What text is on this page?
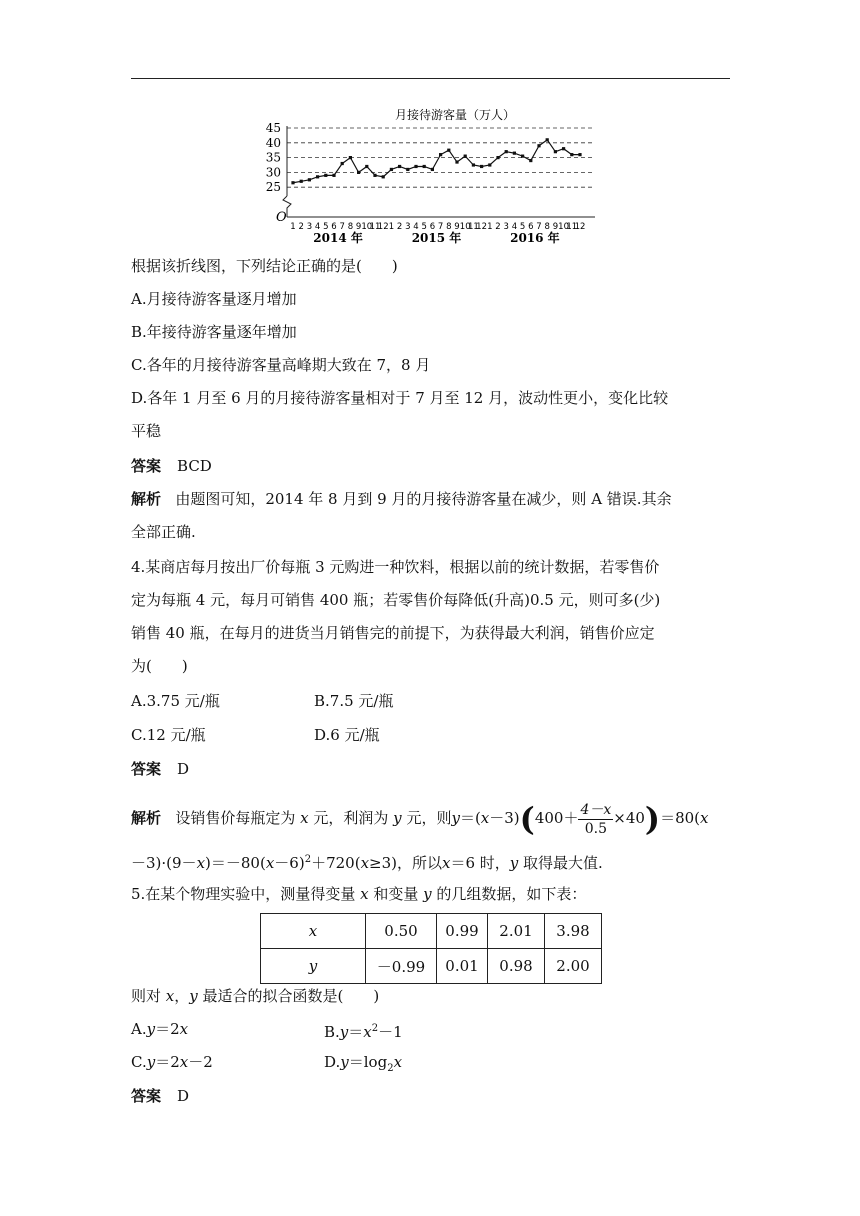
月接待游客量（万人）
25
30
35
40
45
O
1 2 3 4 5 6 7 8 9 10
11
12 1 2 3 4 5 6 7 8 9 10
11
12 1 2 3 4 5 6 7 8 9 10
11
12
2014 年	2015 年	2016 年
根据该折线图，下列结论正确的是(　　)
A.月接待游客量逐月增加
B.年接待游客量逐年增加
C.各年的月接待游客量高峰期大致在 7，8 月
D.各年 1 月至 6 月的月接待游客量相对于 7 月至 12 月，波动性更小，变化比较
平稳
答案 BCD
解析 由题图可知，2014 年 8 月到 9 月的月接待游客量在减少，则 A 错误.其余
全部正确.
4.某商店每月按出厂价每瓶 3 元购进一种饮料，根据以前的统计数据，若零售价
定为每瓶 4 元，每月可销售 400 瓶；若零售价每降低(升高)0.5 元，则可多(少)
销售 40 瓶，在每月的进货当月销售完的前提下，为获得最大利润，销售价应定
为(　　)
A.3.75 元/瓶	B.7.5 元/瓶
C.12 元/瓶	D.6 元/瓶
答案 D
解析 设销售价每瓶定为 x 元，利润为 y 元，则$y=(x-3)(400+ \frac{4-x}{0.5} \times 40)=80(x$
$-3)\cdot(9-x)=-80(x-6)^2+720(x\ge 3)$，所以x＝6 时，y 取得最大值.
5.在某个物理实验中，测量得变量 x 和变量 y 的几组数据，如下表：
x	0.50	0.99	2.01	3.98
y	－0.99	0.01	0.98	2.00
则对 x，y 最适合的拟合函数是(　　)
A.y＝2x	$B.y=x^2-1$
C.y＝2x－2	$D.y=\log_2x$
答案 D
